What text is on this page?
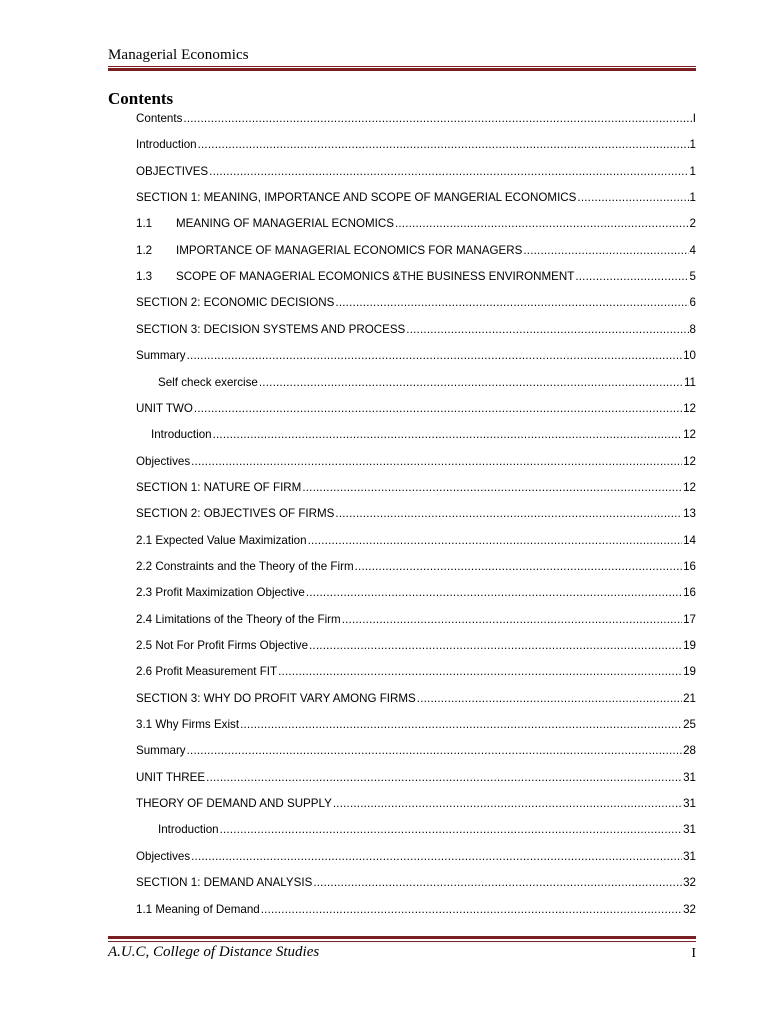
Managerial Economics
Contents
Contents .....	I
Introduction .....	1
OBJECTIVES .....	1
SECTION 1: MEANING, IMPORTANCE AND SCOPE OF MANGERIAL ECONOMICS .....	1
1.1 MEANING OF MANAGERIAL ECNOMICS .....	2
1.2 IMPORTANCE OF MANAGERIAL ECONOMICS FOR MANAGERS .....	4
1.3 SCOPE OF MANAGERIAL ECOMONICS &THE BUSINESS ENVIRONMENT .....	5
SECTION 2: ECONOMIC DECISIONS .....	6
SECTION 3: DECISION SYSTEMS AND PROCESS .....	8
Summary .....	10
Self check exercise .....	11
UNIT TWO .....	12
Introduction .....	12
Objectives .....	12
SECTION 1: NATURE OF FIRM .....	12
SECTION 2: OBJECTIVES OF FIRMS .....	13
2.1 Expected Value Maximization .....	14
2.2 Constraints and the Theory of the Firm .....	16
2.3 Profit Maximization Objective .....	16
2.4 Limitations of the Theory of the Firm .....	17
2.5 Not For Profit Firms Objective .....	19
2.6 Profit Measurement FIT .....	19
SECTION 3: WHY DO PROFIT VARY AMONG FIRMS .....	21
3.1 Why Firms Exist .....	25
Summary .....	28
UNIT THREE .....	31
THEORY OF DEMAND AND SUPPLY .....	31
Introduction .....	31
Objectives .....	31
SECTION 1: DEMAND ANALYSIS .....	32
1.1 Meaning of Demand .....	32
A.U.C, College of Distance Studies	I
